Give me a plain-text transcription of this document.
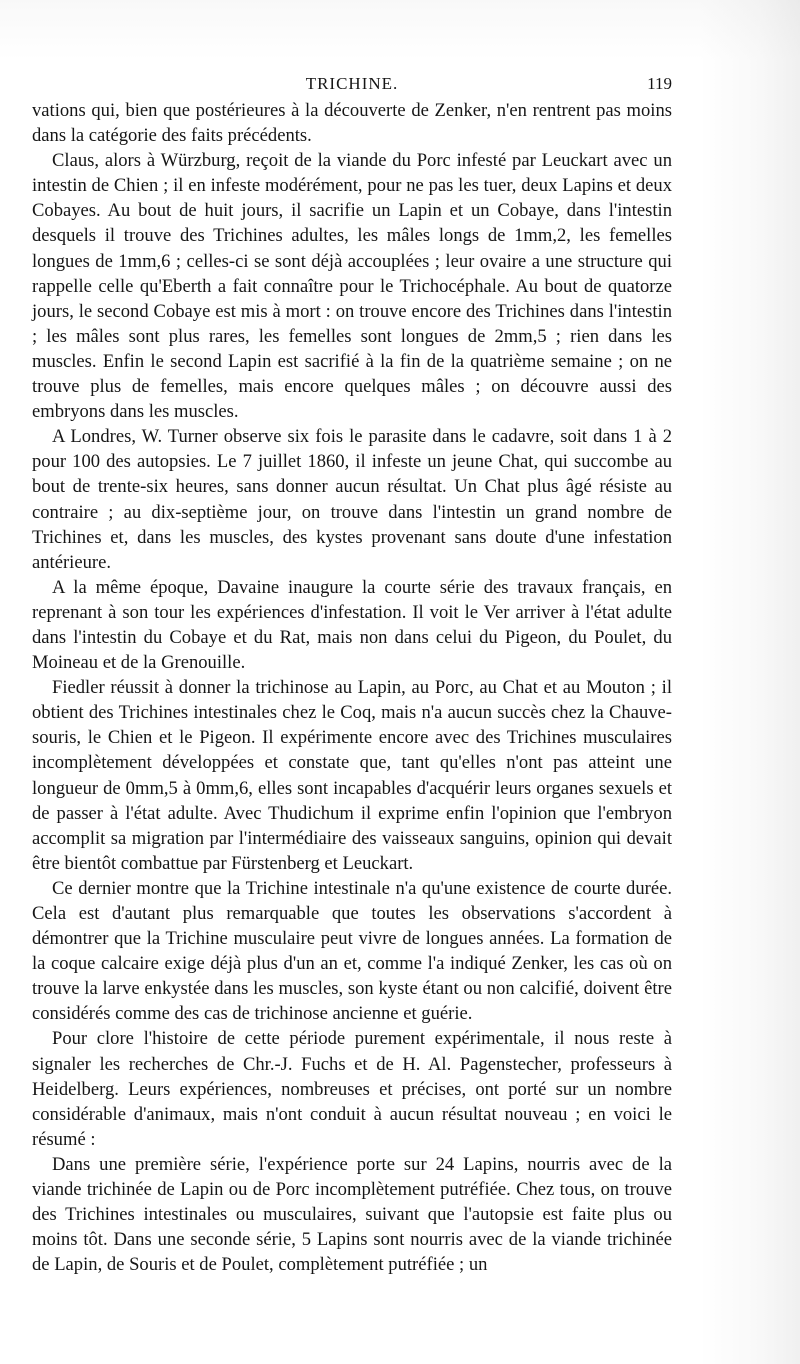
TRICHINE.	119

vations qui, bien que postérieures à la découverte de Zenker, n'en rentrent pas moins dans la catégorie des faits précédents.

Claus, alors à Würzburg, reçoit de la viande du Porc infesté par Leuckart avec un intestin de Chien ; il en infeste modérément, pour ne pas les tuer, deux Lapins et deux Cobayes. Au bout de huit jours, il sacrifie un Lapin et un Cobaye, dans l'intestin desquels il trouve des Trichines adultes, les mâles longs de 1mm,2, les femelles longues de 1mm,6 ; celles-ci se sont déjà accouplées ; leur ovaire a une structure qui rappelle celle qu'Eberth a fait connaître pour le Trichocéphale. Au bout de quatorze jours, le second Cobaye est mis à mort : on trouve encore des Trichines dans l'intestin ; les mâles sont plus rares, les femelles sont longues de 2mm,5 ; rien dans les muscles. Enfin le second Lapin est sacrifié à la fin de la quatrième semaine ; on ne trouve plus de femelles, mais encore quelques mâles ; on découvre aussi des embryons dans les muscles.

A Londres, W. Turner observe six fois le parasite dans le cadavre, soit dans 1 à 2 pour 100 des autopsies. Le 7 juillet 1860, il infeste un jeune Chat, qui succombe au bout de trente-six heures, sans donner aucun résultat. Un Chat plus âgé résiste au contraire ; au dix-septième jour, on trouve dans l'intestin un grand nombre de Trichines et, dans les muscles, des kystes provenant sans doute d'une infestation antérieure.

A la même époque, Davaine inaugure la courte série des travaux français, en reprenant à son tour les expériences d'infestation. Il voit le Ver arriver à l'état adulte dans l'intestin du Cobaye et du Rat, mais non dans celui du Pigeon, du Poulet, du Moineau et de la Grenouille.

Fiedler réussit à donner la trichinose au Lapin, au Porc, au Chat et au Mouton ; il obtient des Trichines intestinales chez le Coq, mais n'a aucun succès chez la Chauve-souris, le Chien et le Pigeon. Il expérimente encore avec des Trichines musculaires incomplètement développées et constate que, tant qu'elles n'ont pas atteint une longueur de 0mm,5 à 0mm,6, elles sont incapables d'acquérir leurs organes sexuels et de passer à l'état adulte. Avec Thudichum il exprime enfin l'opinion que l'embryon accomplit sa migration par l'intermédiaire des vaisseaux sanguins, opinion qui devait être bientôt combattue par Fürstenberg et Leuckart.

Ce dernier montre que la Trichine intestinale n'a qu'une existence de courte durée. Cela est d'autant plus remarquable que toutes les observations s'accordent à démontrer que la Trichine musculaire peut vivre de longues années. La formation de la coque calcaire exige déjà plus d'un an et, comme l'a indiqué Zenker, les cas où on trouve la larve enkystée dans les muscles, son kyste étant ou non calcifié, doivent être considérés comme des cas de trichinose ancienne et guérie.

Pour clore l'histoire de cette période purement expérimentale, il nous reste à signaler les recherches de Chr.-J. Fuchs et de H. Al. Pagenstecher, professeurs à Heidelberg. Leurs expériences, nombreuses et précises, ont porté sur un nombre considérable d'animaux, mais n'ont conduit à aucun résultat nouveau ; en voici le résumé :

Dans une première série, l'expérience porte sur 24 Lapins, nourris avec de la viande trichinée de Lapin ou de Porc incomplètement putréfiée. Chez tous, on trouve des Trichines intestinales ou musculaires, suivant que l'autopsie est faite plus ou moins tôt. Dans une seconde série, 5 Lapins sont nourris avec de la viande trichinée de Lapin, de Souris et de Poulet, complètement putréfiée ; un
